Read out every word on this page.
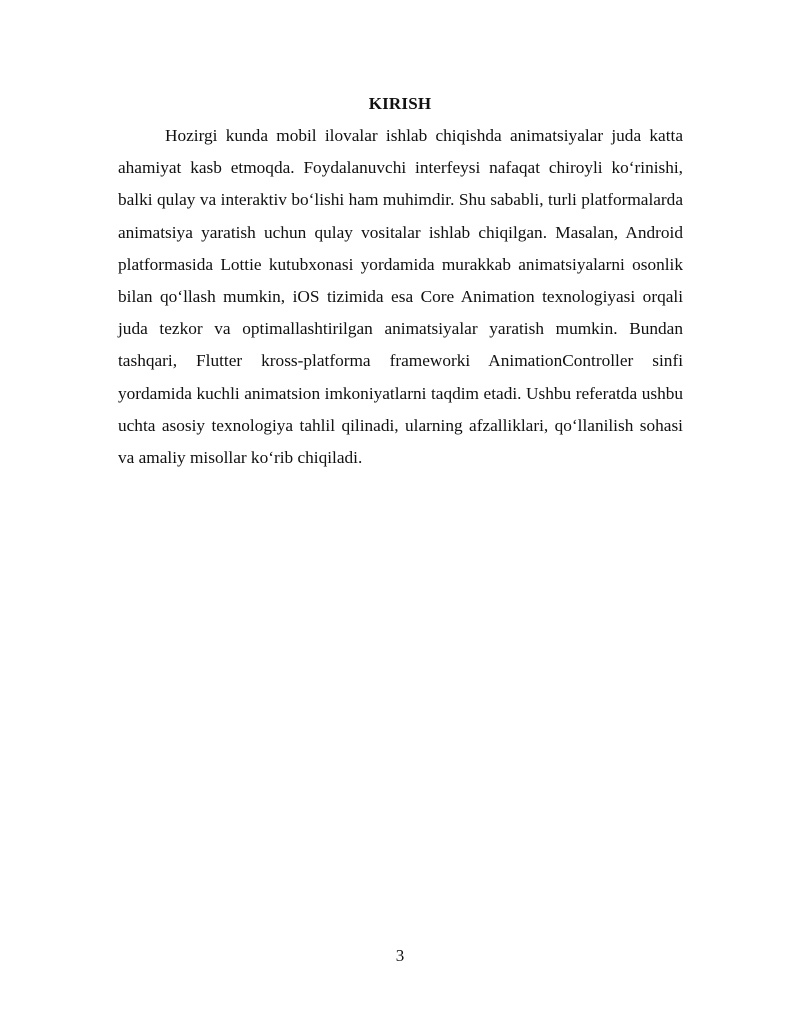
KIRISH

Hozirgi kunda mobil ilovalar ishlab chiqishda animatsiyalar juda katta ahamiyat kasb etmoqda. Foydalanuvchi interfeysi nafaqat chiroyli ko‘rinishi, balki qulay va interaktiv bo‘lishi ham muhimdir. Shu sababli, turli platformalarda animatsiya yaratish uchun qulay vositalar ishlab chiqilgan. Masalan, Android platformasida Lottie kutubxonasi yordamida murakkab animatsiyalarni osonlik bilan qo‘llash mumkin, iOS tizimida esa Core Animation texnologiyasi orqali juda tezkor va optimallashtirilgan animatsiyalar yaratish mumkin. Bundan tashqari, Flutter kross-platforma frameworki AnimationController sinfi yordamida kuchli animatsion imkoniyatlarni taqdim etadi. Ushbu referatda ushbu uchta asosiy texnologiya tahlil qilinadi, ularning afzalliklari, qo‘llanilish sohasi va amaliy misollar ko‘rib chiqiladi.

3
